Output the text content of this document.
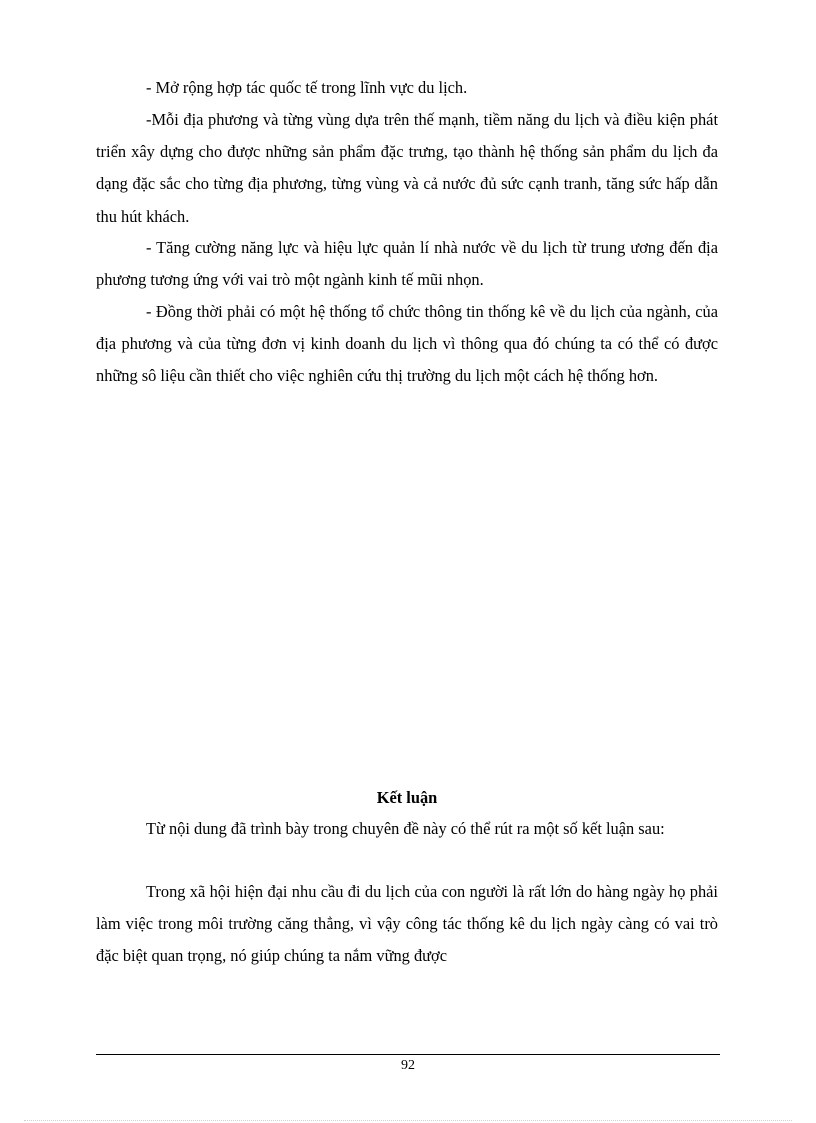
- Mở rộng hợp tác quốc tế trong lĩnh vực du lịch.

-Mỗi địa phương và từng vùng dựa trên thế mạnh, tiềm năng du lịch và điều kiện phát triển xây dựng cho được những sản phẩm đặc trưng, tạo thành hệ thống sản phẩm du lịch đa dạng đặc sắc cho từng địa phương, từng vùng và cả nước đủ sức cạnh tranh, tăng sức hấp dẫn thu hút khách.

- Tăng cường năng lực và hiệu lực quản lí nhà nước về du lịch từ trung ương đến địa phương tương ứng với vai trò một ngành kinh tế mũi nhọn.

- Đồng thời phải có một hệ thống tổ chức thông tin thống kê về du lịch của ngành, của địa phương và của từng đơn vị kinh doanh du lịch vì thông qua đó chúng ta có thể có được những sô liệu cần thiết cho việc nghiên cứu thị trường du lịch một cách hệ thống hơn.

Kết luận

Từ nội dung đã trình bày trong chuyên đề này có thể rút ra một số kết luận sau:

Trong xã hội hiện đại nhu cầu đi du lịch của con người là rất lớn do hàng ngày họ phải làm việc trong môi trường căng thẳng, vì vậy công tác thống kê du lịch ngày càng có vai trò đặc biệt quan trọng, nó giúp chúng ta nắm vững được

92
